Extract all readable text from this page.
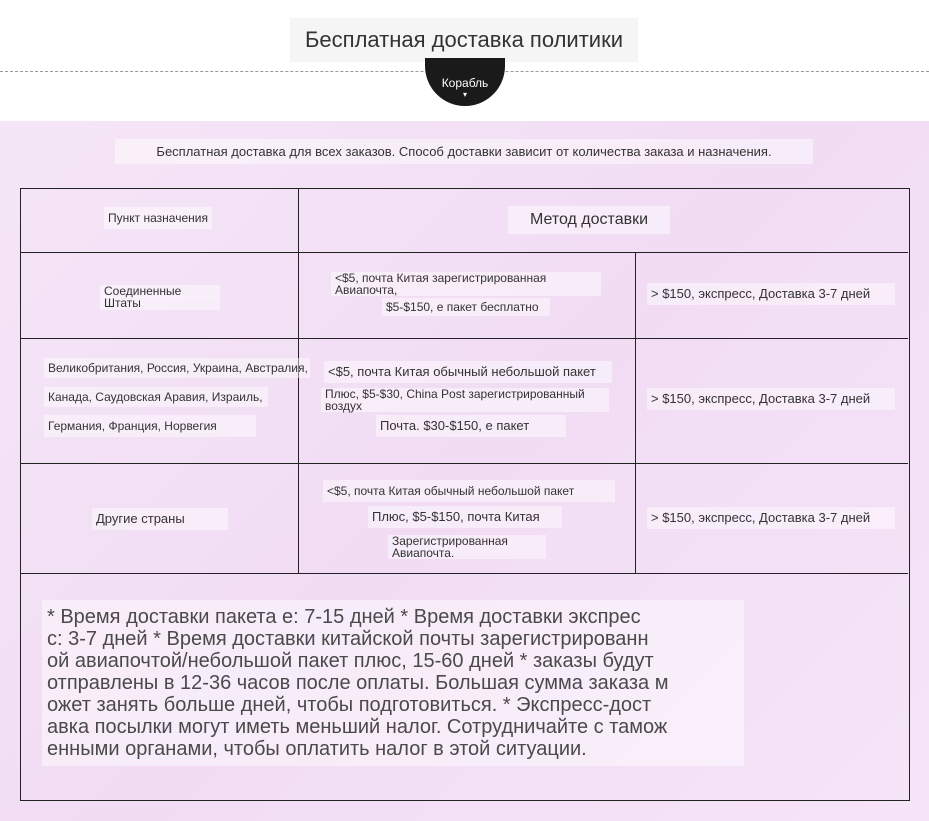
Бесплатная доставка политики
Корабль
▾
Бесплатная доставка для всех заказов. Способ доставки зависит от количества заказа и назначения.
Пункт назначения	Метод доставки
Соединенные
Штаты
<$5, почта Китая зарегистрированная
Авиапочта,
$5-$150, е пакет бесплатно
> $150, экспресс, Доставка 3-7 дней
Великобритания, Россия, Украина, Австралия,
Канада, Саудовская Аравия, Израиль,
Германия, Франция, Норвегия
<$5, почта Китая обычный небольшой пакет
Плюс, $5-$30, China Post зарегистрированный
воздух
Почта. $30-$150, е пакет
> $150, экспресс, Доставка 3-7 дней
Другие страны
<$5, почта Китая обычный небольшой пакет
Плюс, $5-$150, почта Китая
Зарегистрированная
Авиапочта.
> $150, экспресс, Доставка 3-7 дней
* Время доставки пакета е: 7-15 дней * Время доставки экспрес
с: 3-7 дней * Время доставки китайской почты зарегистрированн
ой авиапочтой/небольшой пакет плюс, 15-60 дней * заказы будут
отправлены в 12-36 часов после оплаты. Большая сумма заказа м
ожет занять больше дней, чтобы подготовиться. * Экспресс-дост
авка посылки могут иметь меньший налог. Сотрудничайте с тамож
енными органами, чтобы оплатить налог в этой ситуации.
